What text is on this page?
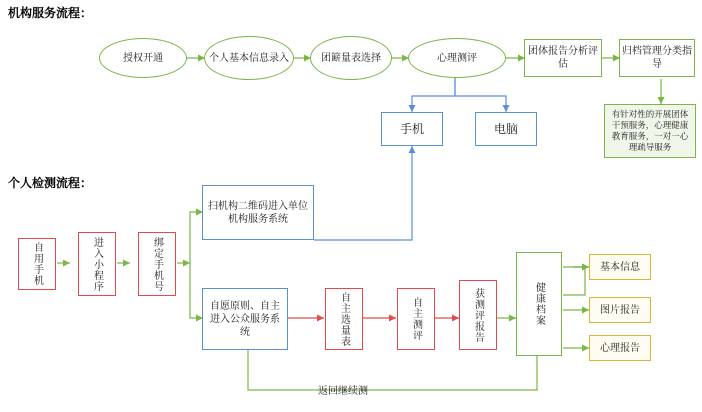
机构服务流程：
个人检测流程：
授权开通	个人基本信息录入	团簖量表选择	心理测评
团体报告分析评估
归档管理分类指导
手机	电脑
有针对性的开展团体干预服务，心理健康教育服务，一对一心理疏导服务
自用手机	进入小程序	绑定手机号
扫机构二维码进入单位机构服务系统
自愿原则、自主进入公众服务系统	自主选量表	自主测评	获测评报告	健康档案
基本信息
图片报告
心理报告
返回继续测
